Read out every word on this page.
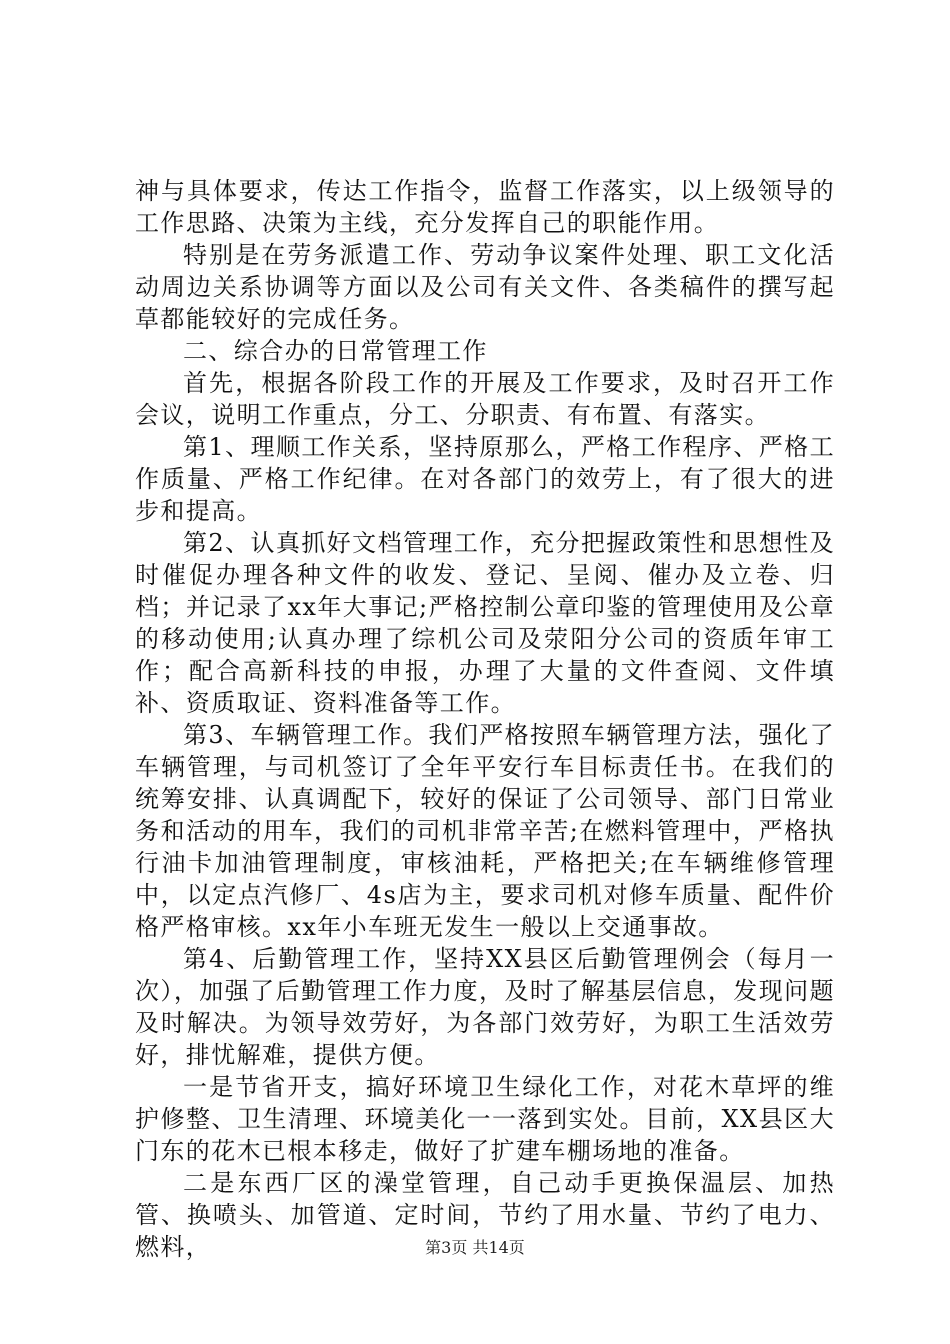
神与具体要求，传达工作指令，监督工作落实，以上级领导的工作思路、决策为主线，充分发挥自己的职能作用。

特别是在劳务派遣工作、劳动争议案件处理、职工文化活动周边关系协调等方面以及公司有关文件、各类稿件的撰写起草都能较好的完成任务。

二、综合办的日常管理工作

首先，根据各阶段工作的开展及工作要求，及时召开工作会议，说明工作重点，分工、分职责、有布置、有落实。

第1、理顺工作关系，坚持原那么，严格工作程序、严格工作质量、严格工作纪律。在对各部门的效劳上，有了很大的进步和提高。

第2、认真抓好文档管理工作，充分把握政策性和思想性及时催促办理各种文件的收发、登记、呈阅、催办及立卷、归档；并记录了xx年大事记;严格控制公章印鉴的管理使用及公章的移动使用;认真办理了综机公司及荥阳分公司的资质年审工作；配合高新科技的申报，办理了大量的文件查阅、文件填补、资质取证、资料准备等工作。

第3、车辆管理工作。我们严格按照车辆管理方法，强化了车辆管理，与司机签订了全年平安行车目标责任书。在我们的统筹安排、认真调配下，较好的保证了公司领导、部门日常业务和活动的用车，我们的司机非常辛苦;在燃料管理中，严格执行油卡加油管理制度，审核油耗，严格把关;在车辆维修管理中，以定点汽修厂、4s店为主，要求司机对修车质量、配件价格严格审核。xx年小车班无发生一般以上交通事故。

第4、后勤管理工作，坚持XX县区后勤管理例会（每月一次），加强了后勤管理工作力度，及时了解基层信息，发现问题及时解决。为领导效劳好，为各部门效劳好，为职工生活效劳好，排忧解难，提供方便。

一是节省开支，搞好环境卫生绿化工作，对花木草坪的维护修整、卫生清理、环境美化一一落到实处。目前，XX县区大门东的花木已根本移走，做好了扩建车棚场地的准备。

二是东西厂区的澡堂管理，自己动手更换保温层、加热管、换喷头、加管道、定时间，节约了用水量、节约了电力、燃料，	第3页 共14页
